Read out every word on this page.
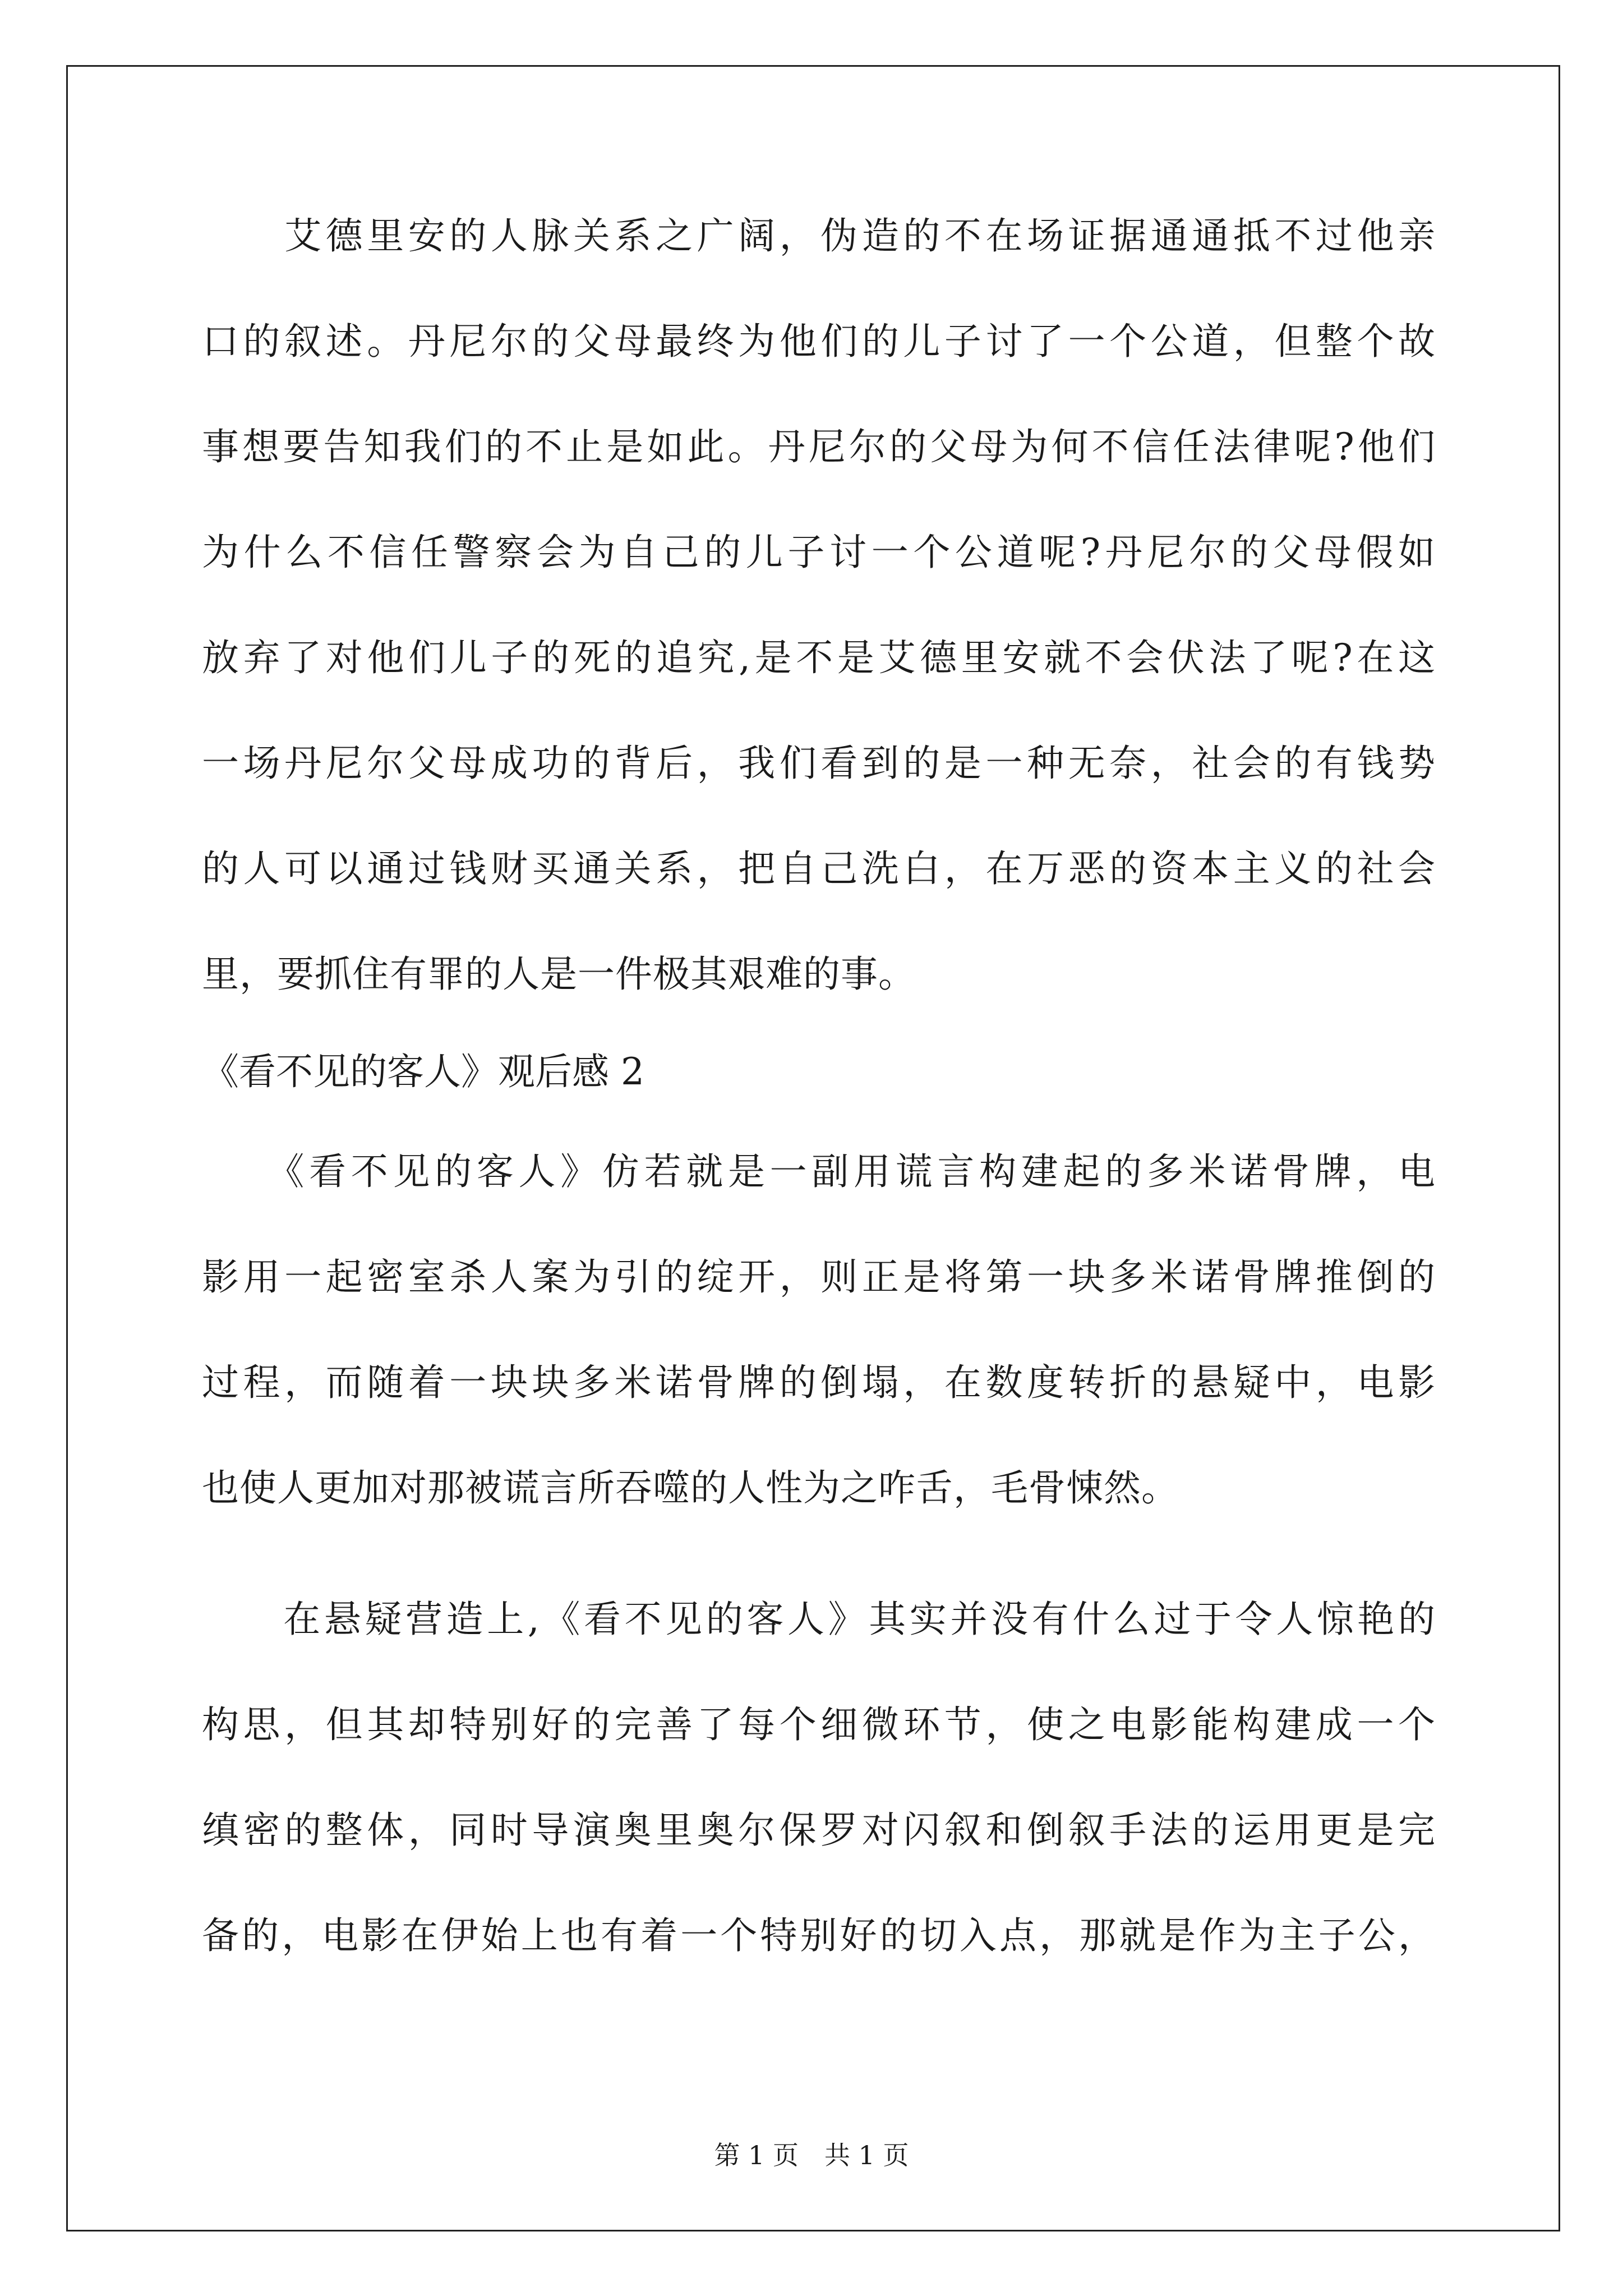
　　艾德里安的人脉关系之广阔，伪造的不在场证据通通抵不过他亲
口的叙述。丹尼尔的父母最终为他们的儿子讨了一个公道，但整个故
事想要告知我们的不止是如此。丹尼尔的父母为何不信任法律呢?他们
为什么不信任警察会为自己的儿子讨一个公道呢?丹尼尔的父母假如
放弃了对他们儿子的死的追究,是不是艾德里安就不会伏法了呢?在这
一场丹尼尔父母成功的背后，我们看到的是一种无奈，社会的有钱势
的人可以通过钱财买通关系，把自己洗白，在万恶的资本主义的社会
里，要抓住有罪的人是一件极其艰难的事。
《看不见的客人》观后感 2
　　《看不见的客人》仿若就是一副用谎言构建起的多米诺骨牌，电
影用一起密室杀人案为引的绽开，则正是将第一块多米诺骨牌推倒的
过程，而随着一块块多米诺骨牌的倒塌，在数度转折的悬疑中，电影
也使人更加对那被谎言所吞噬的人性为之咋舌，毛骨悚然。
　　在悬疑营造上,《看不见的客人》其实并没有什么过于令人惊艳的
构思，但其却特别好的完善了每个细微环节，使之电影能构建成一个
缜密的整体，同时导演奥里奥尔保罗对闪叙和倒叙手法的运用更是完
备的，电影在伊始上也有着一个特别好的切入点，那就是作为主子公，
第 1 页　共 1 页
